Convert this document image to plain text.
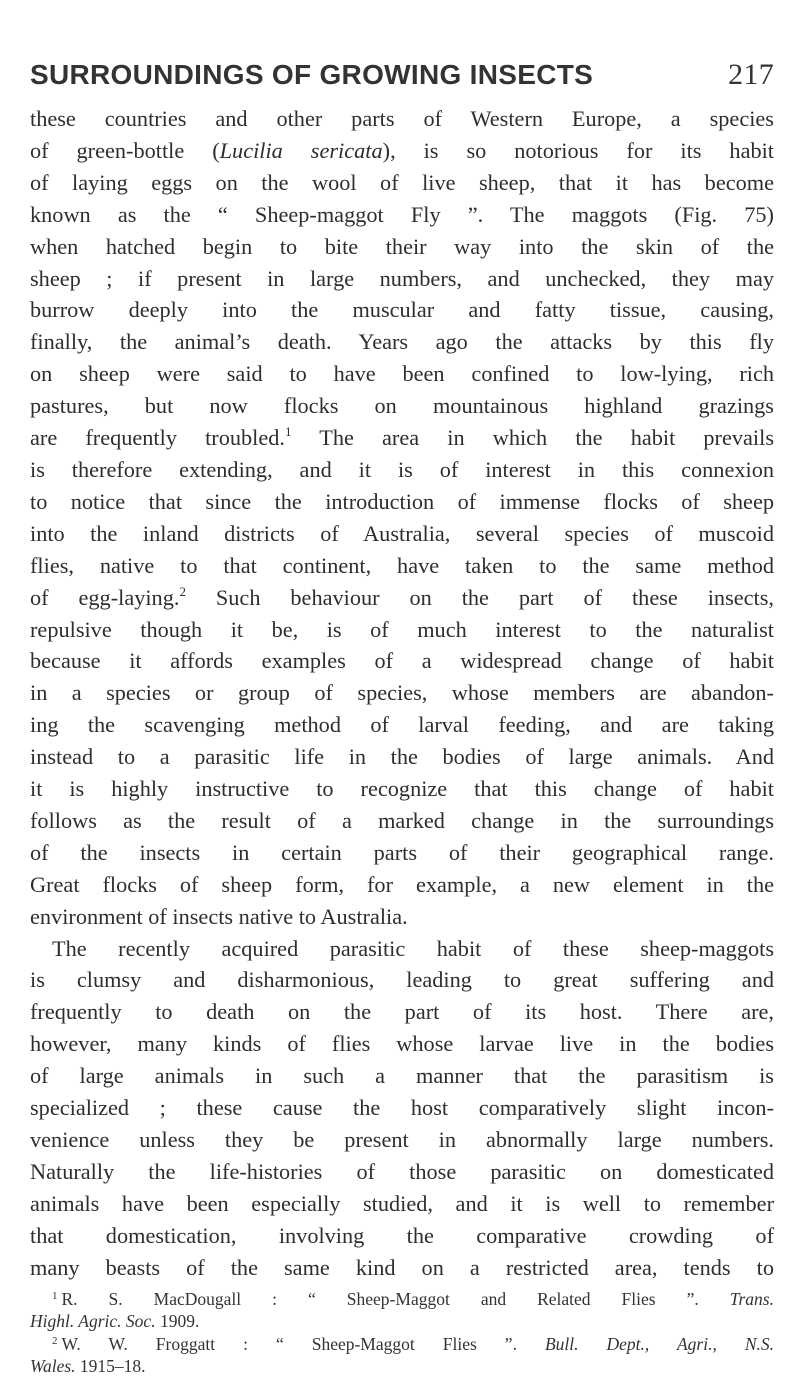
SURROUNDINGS OF GROWING INSECTS	217
these countries and other parts of Western Europe, a species
of green-bottle (Lucilia sericata), is so notorious for its habit
of laying eggs on the wool of live sheep, that it has become
known as the “ Sheep-maggot Fly ”. The maggots (Fig. 75)
when hatched begin to bite their way into the skin of the
sheep ; if present in large numbers, and unchecked, they may
burrow deeply into the muscular and fatty tissue, causing,
finally, the animal’s death. Years ago the attacks by this fly
on sheep were said to have been confined to low-lying, rich
pastures, but now flocks on mountainous highland grazings
are frequently troubled.$^1$ The area in which the habit prevails
is therefore extending, and it is of interest in this connexion
to notice that since the introduction of immense flocks of sheep
into the inland districts of Australia, several species of muscoid
flies, native to that continent, have taken to the same method
of egg-laying.$^2$ Such behaviour on the part of these insects,
repulsive though it be, is of much interest to the naturalist
because it affords examples of a widespread change of habit
in a species or group of species, whose members are abandon-
ing the scavenging method of larval feeding, and are taking
instead to a parasitic life in the bodies of large animals. And
it is highly instructive to recognize that this change of habit
follows as the result of a marked change in the surroundings
of the insects in certain parts of their geographical range.
Great flocks of sheep form, for example, a new element in the
environment of insects native to Australia.
The recently acquired parasitic habit of these sheep-maggots
is clumsy and disharmonious, leading to great suffering and
frequently to death on the part of its host. There are,
however, many kinds of flies whose larvae live in the bodies
of large animals in such a manner that the parasitism is
specialized ; these cause the host comparatively slight incon-
venience unless they be present in abnormally large numbers.
Naturally the life-histories of those parasitic on domesticated
animals have been especially studied, and it is well to remember
that domestication, involving the comparative crowding of
many beasts of the same kind on a restricted area, tends to
$^1$ R. S. MacDougall : “ Sheep-Maggot and Related Flies ”. Trans.
Highl. Agric. Soc. 1909.
$^2$ W. W. Froggatt : “ Sheep-Maggot Flies ”. Bull. Dept., Agri., N.S.
Wales. 1915–18.
